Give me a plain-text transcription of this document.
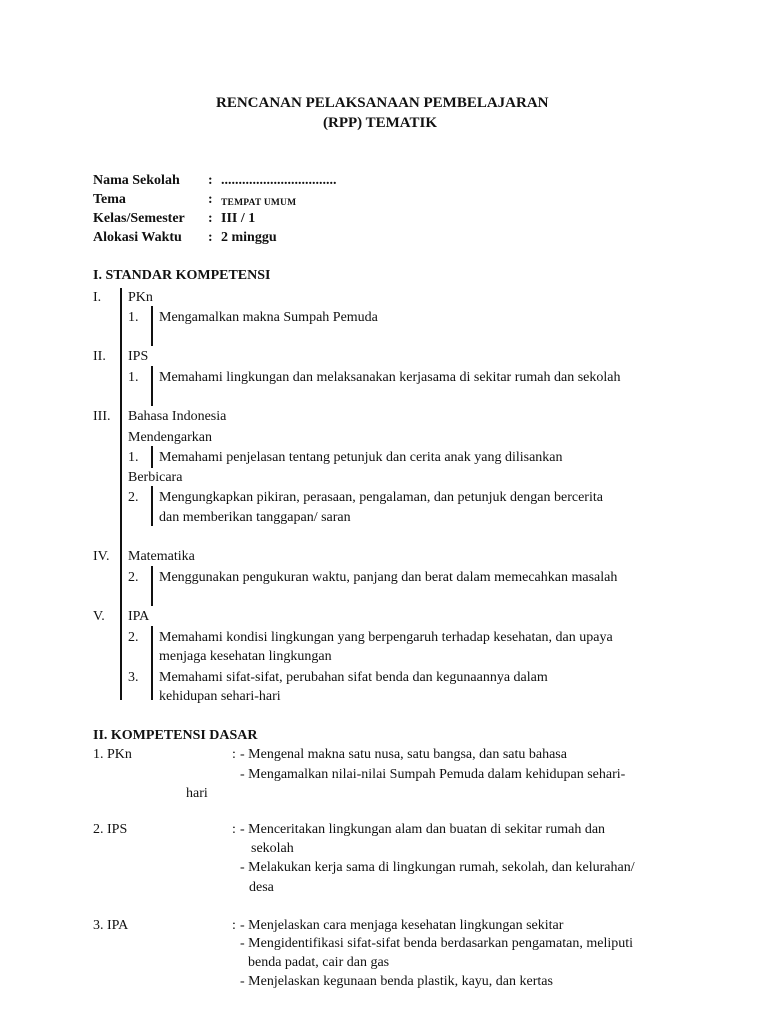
RENCANAN PELAKSANAAN PEMBELAJARAN
(RPP) TEMATIK
Nama Sekolah : .................................
Tema	: TEMPAT UMUM
Kelas/Semester : III / 1
Alokasi Waktu : 2 minggu
I. STANDAR KOMPETENSI
I. PKn
1. Mengamalkan makna Sumpah Pemuda
II. IPS
1. Memahami lingkungan dan melaksanakan kerjasama di sekitar rumah dan sekolah
III. Bahasa Indonesia
Mendengarkan
1. Memahami penjelasan tentang petunjuk dan cerita anak yang dilisankan
Berbicara
2. Mengungkapkan pikiran, perasaan, pengalaman, dan petunjuk dengan bercerita
dan memberikan tanggapan/ saran
IV. Matematika
2. Menggunakan pengukuran waktu, panjang dan berat dalam memecahkan masalah
V. IPA
2. Memahami kondisi lingkungan yang berpengaruh terhadap kesehatan, dan upaya
menjaga kesehatan lingkungan
3. Memahami sifat-sifat, perubahan sifat benda dan kegunaannya dalam
kehidupan sehari-hari
II. KOMPETENSI DASAR
1. PKn	: - Mengenal makna satu nusa, satu bangsa, dan satu bahasa
- Mengamalkan nilai-nilai Sumpah Pemuda dalam kehidupan sehari-
hari
2. IPS	: - Menceritakan lingkungan alam dan buatan di sekitar rumah dan
sekolah
- Melakukan kerja sama di lingkungan rumah, sekolah, dan kelurahan/
desa
3. IPA	: - Menjelaskan cara menjaga kesehatan lingkungan sekitar
- Mengidentifikasi sifat-sifat benda berdasarkan pengamatan, meliputi
benda padat, cair dan gas
- Menjelaskan kegunaan benda plastik, kayu, dan kertas
